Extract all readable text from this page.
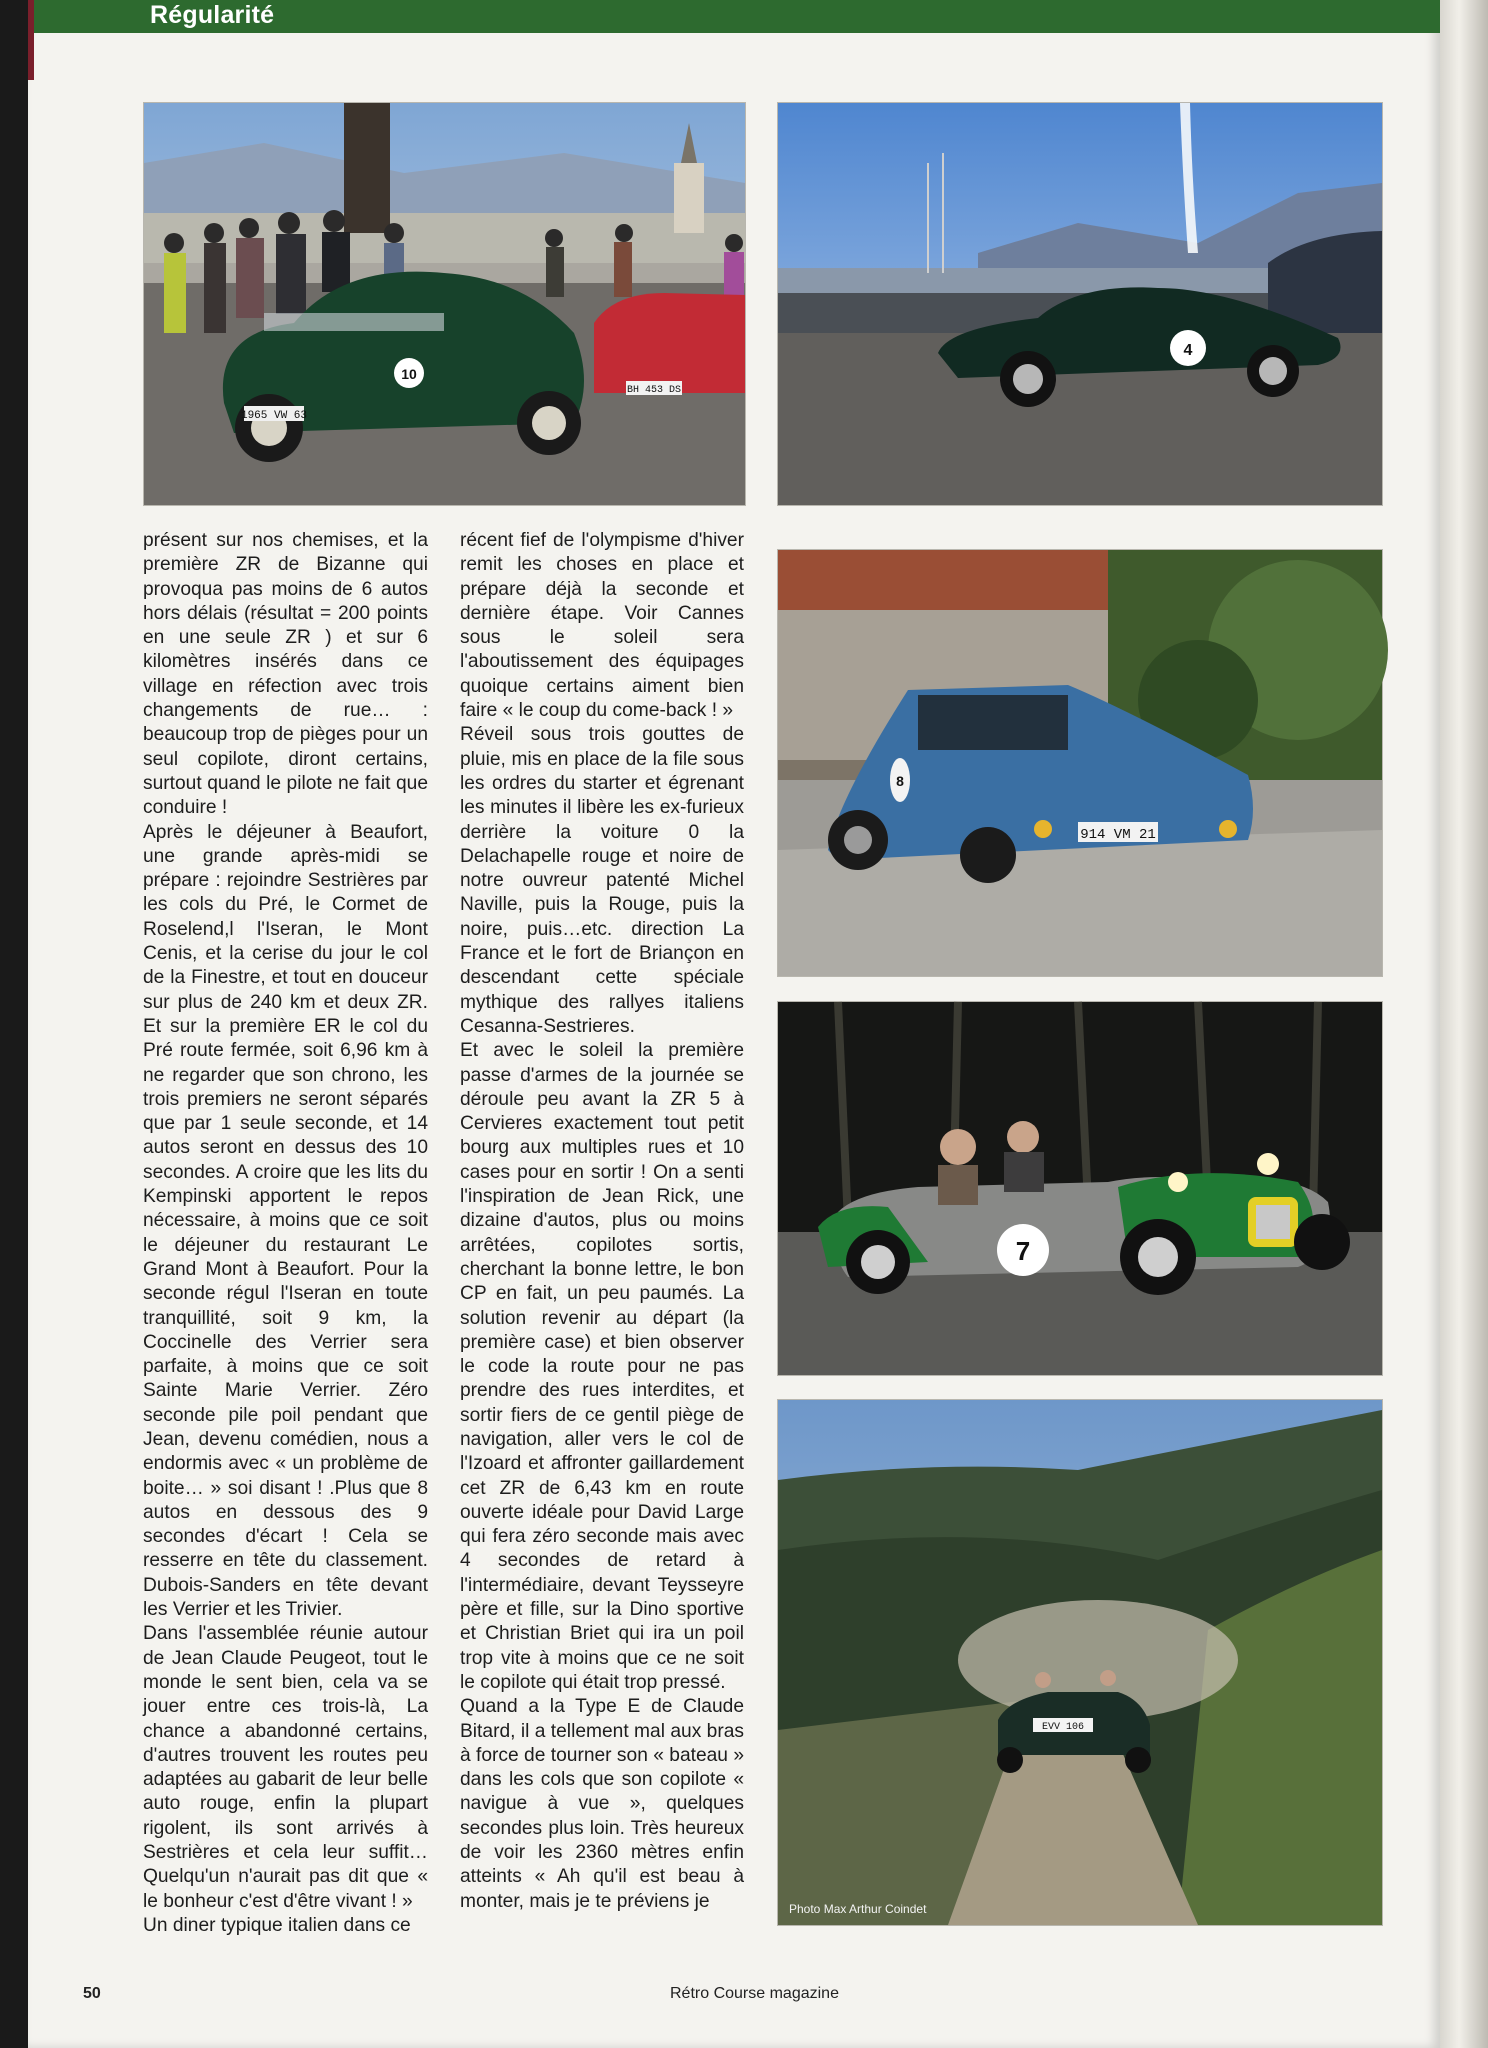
Régularité
BH 453 DS
10
1965 VW 63
4
914 VM 21
8
7
EVV 106
Photo Max Arthur Coindet

présent sur nos chemises, et la première ZR de Bizanne qui provoqua pas moins de 6 autos hors délais (résultat = 200 points en une seule ZR ) et sur 6 kilomètres insérés dans ce village en réfection avec trois changements de rue… : beaucoup trop de pièges pour un seul copilote, diront certains, surtout quand le pilote ne fait que conduire !

Après le déjeuner à Beaufort, une grande après-midi se prépare : rejoindre Sestrières par les cols du Pré, le Cormet de Roselend,l l'Iseran, le Mont Cenis, et la cerise du jour le col de la Finestre, et tout en douceur sur plus de 240 km et deux ZR. Et sur la première ER le col du Pré route fermée, soit 6,96 km à ne regarder que son chrono, les trois premiers ne seront séparés que par 1 seule seconde, et 14 autos seront en dessus des 10 secondes. A croire que les lits du Kempinski apportent le repos nécessaire, à moins que ce soit le déjeuner du restaurant Le Grand Mont à Beaufort. Pour la seconde régul l'Iseran en toute tranquillité, soit 9 km, la Coccinelle des Verrier sera parfaite, à moins que ce soit Sainte Marie Verrier. Zéro seconde pile poil pendant que Jean, devenu comédien, nous a endormis avec « un problème de boite… » soi disant ! .Plus que 8 autos en dessous des 9 secondes d'écart ! Cela se resserre en tête du classement. Dubois-Sanders en tête devant les Verrier et les Trivier.

Dans l'assemblée réunie autour de Jean Claude Peugeot, tout le monde le sent bien, cela va se jouer entre ces trois-là, La chance a abandonné certains, d'autres trouvent les routes peu adaptées au gabarit de leur belle auto rouge, enfin la plupart rigolent, ils sont arrivés à Sestrières et cela leur suffit…Quelqu'un n'aurait pas dit que « le bonheur c'est d'être vivant ! »

Un diner typique italien dans ce

récent fief de l'olympisme d'hiver remit les choses en place et prépare déjà la seconde et dernière étape. Voir Cannes sous le soleil sera l'aboutissement des équipages quoique certains aiment bien faire « le coup du come-back ! »

Réveil sous trois gouttes de pluie, mis en place de la file sous les ordres du starter et égrenant les minutes il libère les ex-furieux derrière la voiture 0 la Delachapelle rouge et noire de notre ouvreur patenté Michel Naville, puis la Rouge, puis la noire, puis…etc. direction La France et le fort de Briançon en descendant cette spéciale mythique des rallyes italiens Cesanna-Sestrieres.

Et avec le soleil la première passe d'armes de la journée se déroule peu avant la ZR 5 à Cervieres exactement tout petit bourg aux multiples rues et 10 cases pour en sortir ! On a senti l'inspiration de Jean Rick, une dizaine d'autos, plus ou moins arrêtées, copilotes sortis, cherchant la bonne lettre, le bon CP en fait, un peu paumés. La solution revenir au départ (la première case) et bien observer le code la route pour ne pas prendre des rues interdites, et sortir fiers de ce gentil piège de navigation, aller vers le col de l'Izoard et affronter gaillardement cet ZR de 6,43 km en route ouverte idéale pour David Large qui fera zéro seconde mais avec 4 secondes de retard à l'intermédiaire, devant Teysseyre père et fille, sur la Dino sportive et Christian Briet qui ira un poil trop vite à moins que ce ne soit le copilote qui était trop pressé.

Quand a la Type E de Claude Bitard, il a tellement mal aux bras à force de tourner son « bateau » dans les cols que son copilote « navigue à vue », quelques secondes plus loin. Très heureux de voir les 2360 mètres enfin atteints « Ah qu'il est beau à monter, mais je te préviens je

50	Rétro Course magazine
